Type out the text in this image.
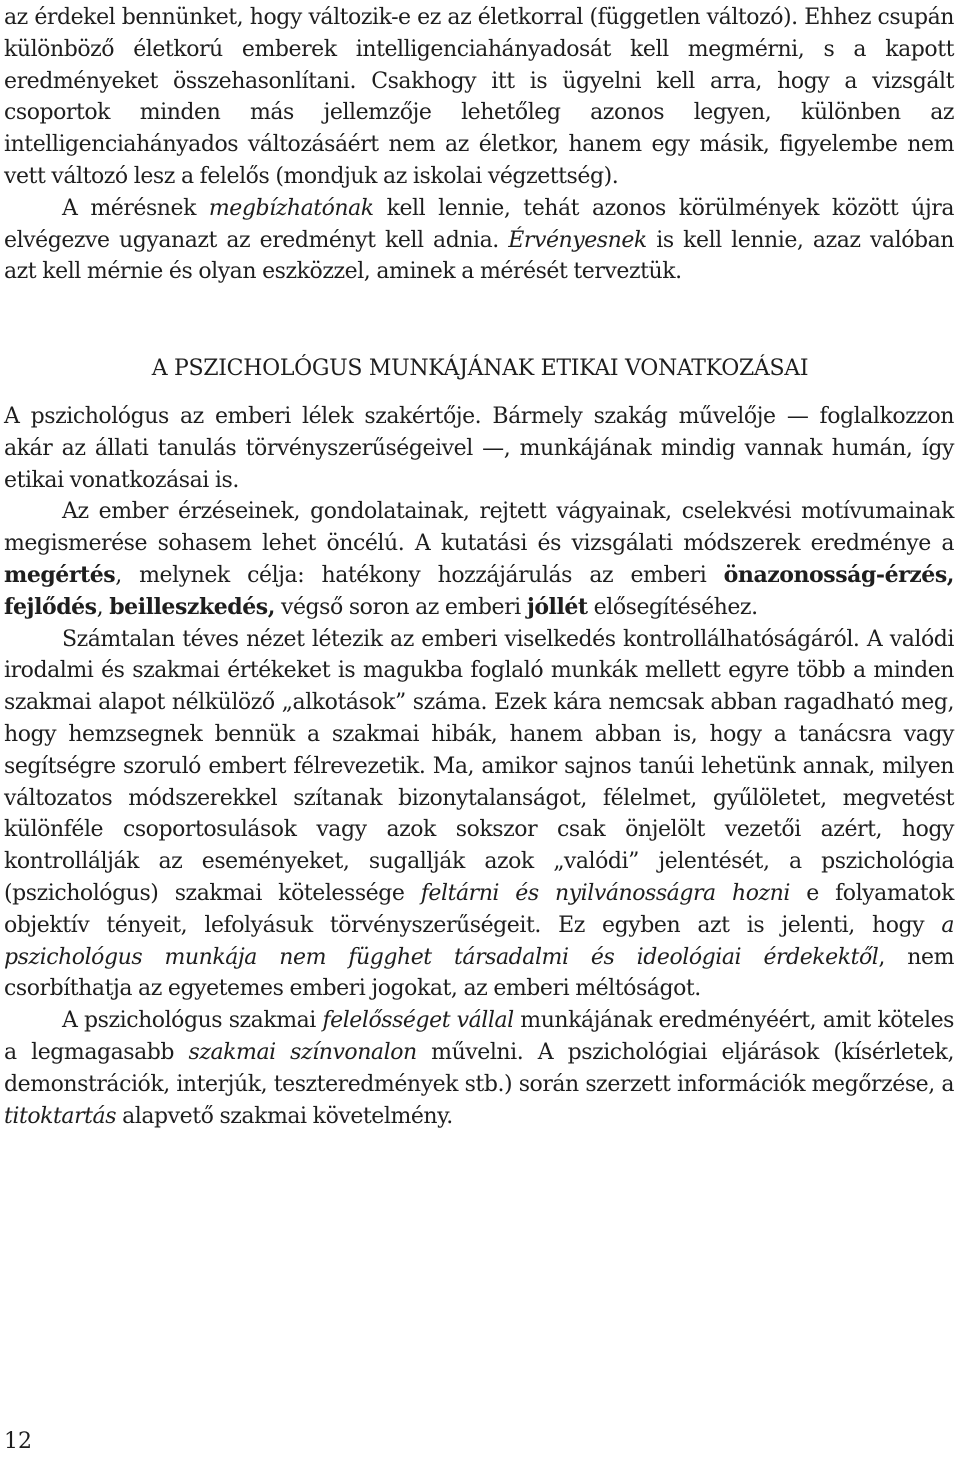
az érdekel bennünket, hogy változik-e ez az életkorral (független változó). Ehhez csupán különböző életkorú emberek intelligenciahányadosát kell megmérni, s a kapott eredményeket összehasonlítani. Csakhogy itt is ügyelni kell arra, hogy a vizsgált csoportok minden más jellemzője lehetőleg azonos legyen, különben az intelligenciahányados változásáért nem az életkor, hanem egy másik, figyelembe nem vett változó lesz a felelős (mondjuk az iskolai végzettség).

A mérésnek megbízhatónak kell lennie, tehát azonos körülmények között újra elvégezve ugyanazt az eredményt kell adnia. Érvényesnek is kell lennie, azaz valóban azt kell mérnie és olyan eszközzel, aminek a mérését terveztük.

A PSZICHOLÓGUS MUNKÁJÁNAK ETIKAI VONATKOZÁSAI

A pszichológus az emberi lélek szakértője. Bármely szakág művelője — foglalkozzon akár az állati tanulás törvényszerűségeivel —, munkájának mindig vannak humán, így etikai vonatkozásai is.

Az ember érzéseinek, gondolatainak, rejtett vágyainak, cselekvési motívumainak megismerése sohasem lehet öncélú. A kutatási és vizsgálati módszerek eredménye a megértés, melynek célja: hatékony hozzájárulás az emberi önazonosság-érzés, fejlődés, beilleszkedés, végső soron az emberi jóllét elősegítéséhez.

Számtalan téves nézet létezik az emberi viselkedés kontrollálhatóságáról. A valódi irodalmi és szakmai értékeket is magukba foglaló munkák mellett egyre több a minden szakmai alapot nélkülöző „alkotások” száma. Ezek kára nemcsak abban ragadható meg, hogy hemzsegnek bennük a szakmai hibák, hanem abban is, hogy a tanácsra vagy segítségre szoruló embert félrevezetik. Ma, amikor sajnos tanúi lehetünk annak, milyen változatos módszerekkel szítanak bizonytalanságot, félelmet, gyűlöletet, megvetést különféle csoportosulások vagy azok sokszor csak önjelölt vezetői azért, hogy kontrollálják az eseményeket, sugallják azok „valódi” jelentését, a pszichológia (pszichológus) szakmai kötelessége feltárni és nyilvánosságra hozni e folyamatok objektív tényeit, lefolyásuk törvényszerűségeit. Ez egyben azt is jelenti, hogy a pszichológus munkája nem függhet társadalmi és ideológiai érdekektől, nem csorbíthatja az egyetemes emberi jogokat, az emberi méltóságot.

A pszichológus szakmai felelősséget vállal munkájának eredményéért, amit köteles a legmagasabb szakmai színvonalon művelni. A pszichológiai eljárások (kísérletek, demonstrációk, interjúk, teszteredmények stb.) során szerzett információk megőrzése, a titoktartás alapvető szakmai követelmény.

12
